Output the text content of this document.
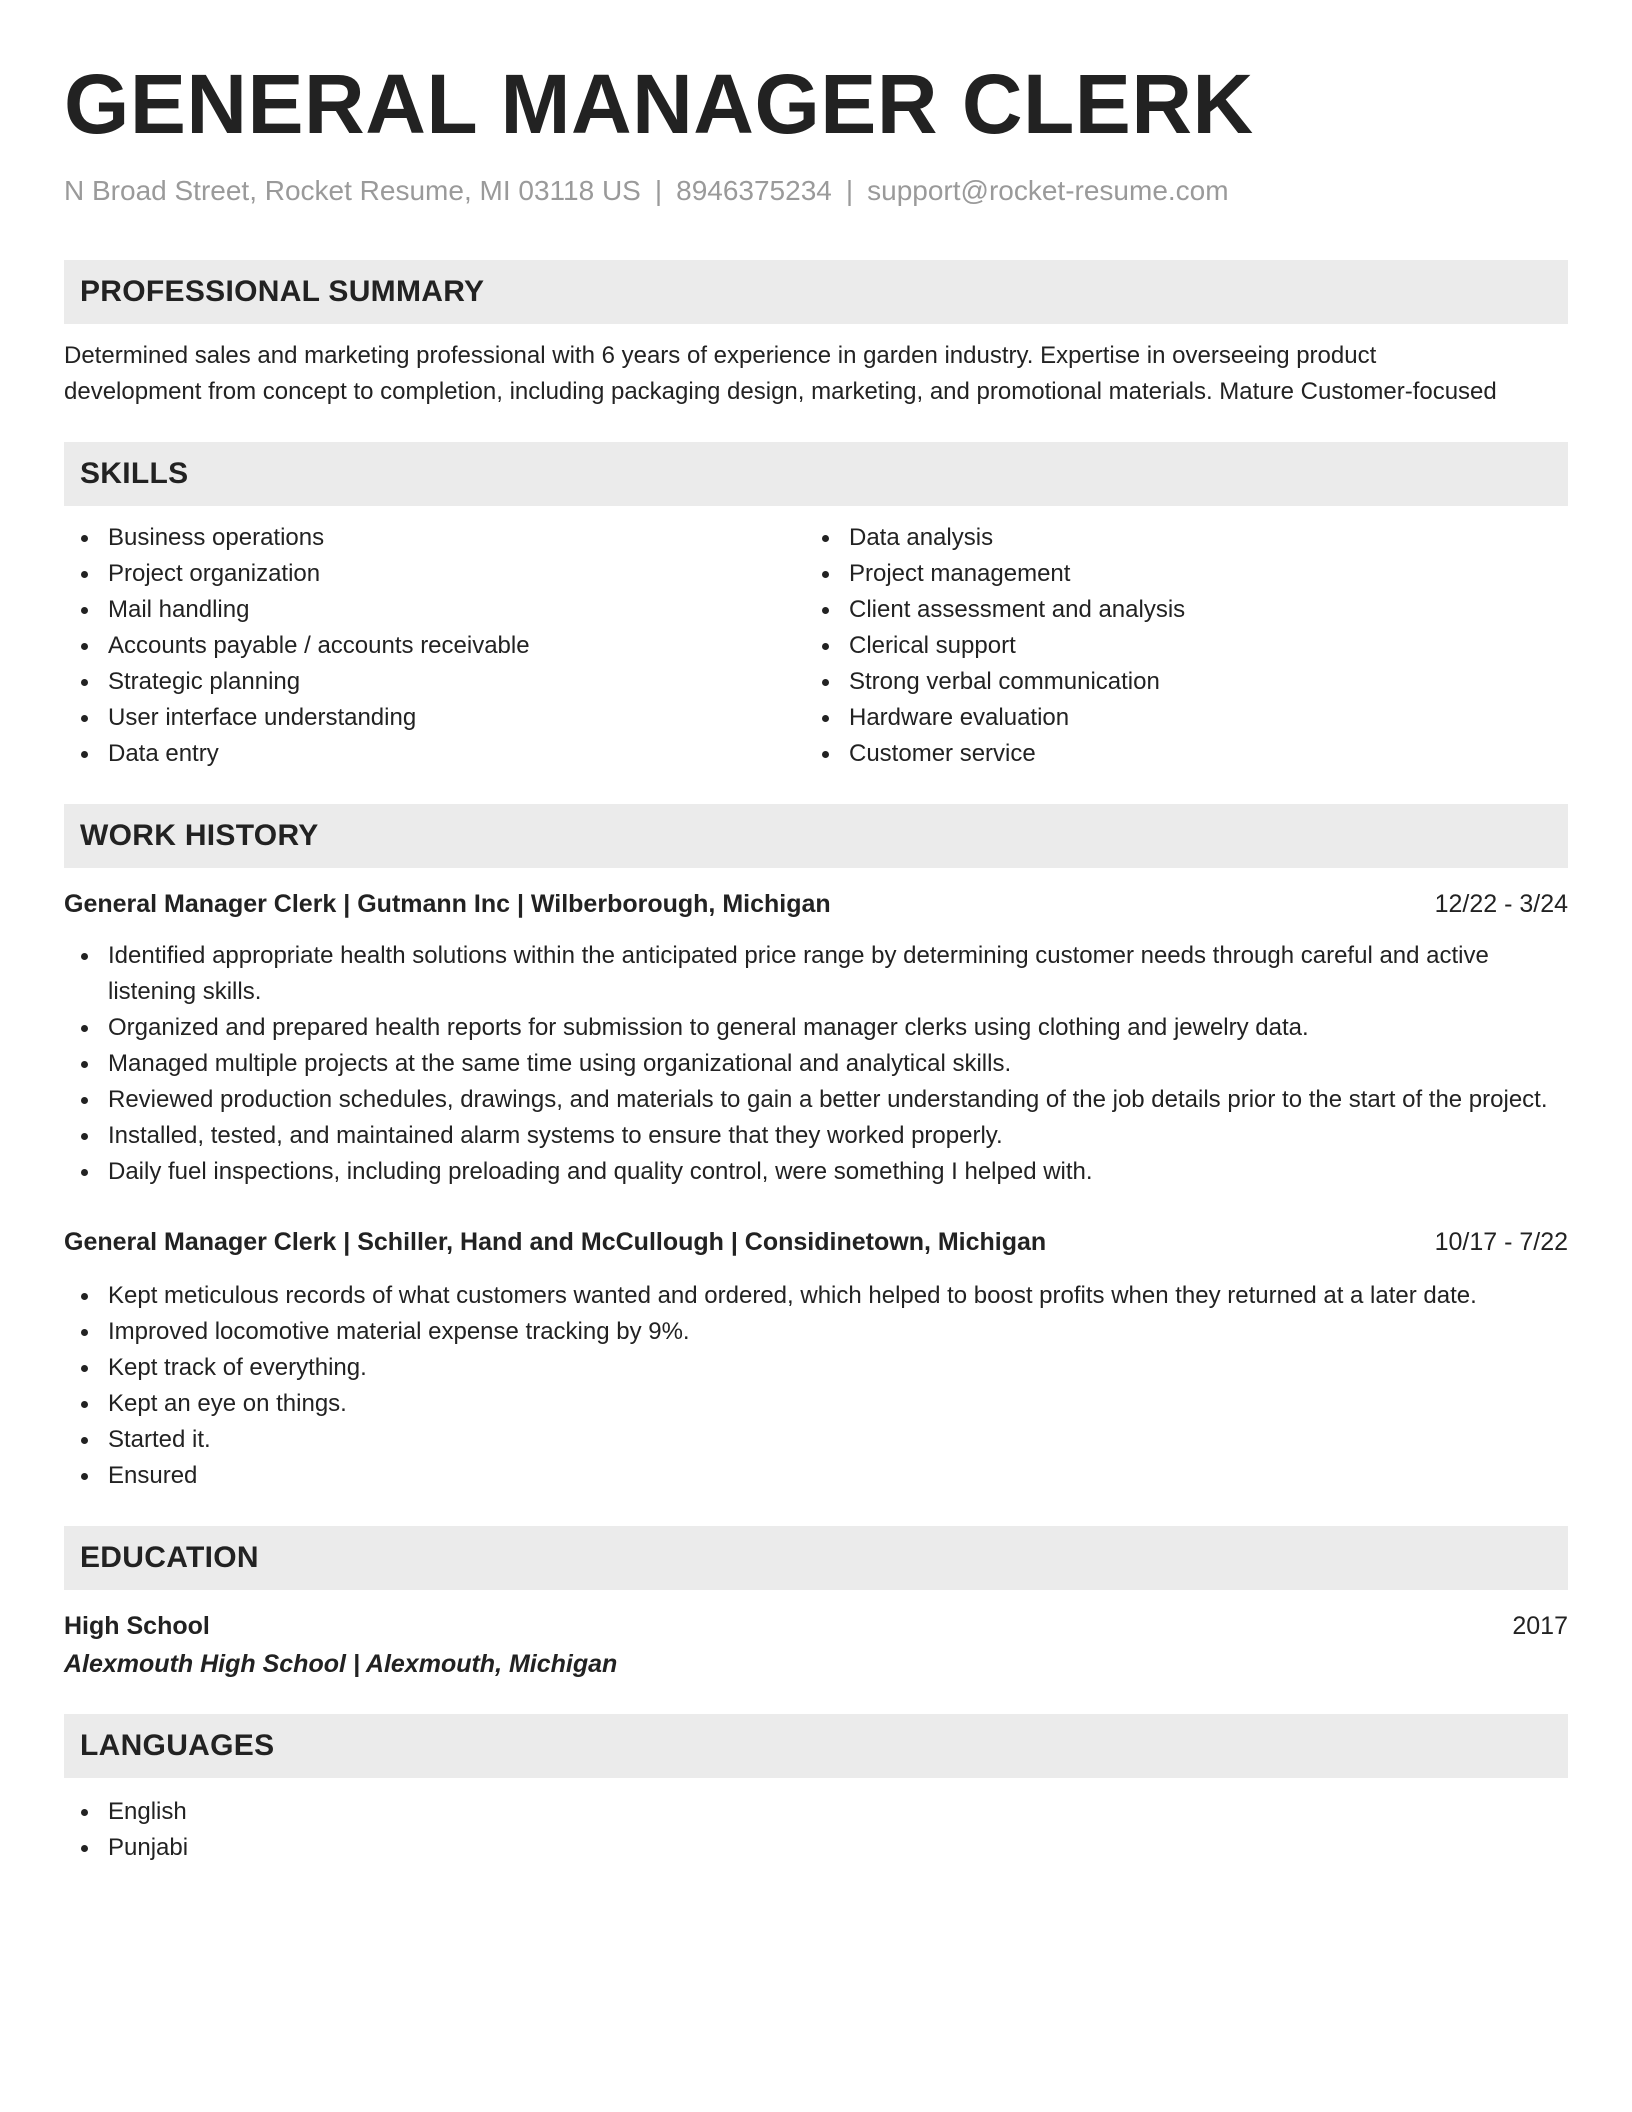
GENERAL MANAGER CLERK
N Broad Street, Rocket Resume, MI 03118 US | 8946375234 | support@rocket-resume.com
PROFESSIONAL SUMMARY
Determined sales and marketing professional with 6 years of experience in garden industry. Expertise in overseeing product
development from concept to completion, including packaging design, marketing, and promotional materials. Mature Customer-focused
SKILLS
Business operations
Project organization
Mail handling
Accounts payable / accounts receivable
Strategic planning
User interface understanding
Data entry
Data analysis
Project management
Client assessment and analysis
Clerical support
Strong verbal communication
Hardware evaluation
Customer service
WORK HISTORY
General Manager Clerk | Gutmann Inc | Wilberborough, Michigan	12/22 - 3/24
Identified appropriate health solutions within the anticipated price range by determining customer needs through careful and active listening skills.
Organized and prepared health reports for submission to general manager clerks using clothing and jewelry data.
Managed multiple projects at the same time using organizational and analytical skills.
Reviewed production schedules, drawings, and materials to gain a better understanding of the job details prior to the start of the project.
Installed, tested, and maintained alarm systems to ensure that they worked properly.
Daily fuel inspections, including preloading and quality control, were something I helped with.
General Manager Clerk | Schiller, Hand and McCullough | Considinetown, Michigan	10/17 - 7/22
Kept meticulous records of what customers wanted and ordered, which helped to boost profits when they returned at a later date.
Improved locomotive material expense tracking by 9%.
Kept track of everything.
Kept an eye on things.
Started it.
Ensured
EDUCATION
High School	2017
Alexmouth High School | Alexmouth, Michigan
LANGUAGES
English
Punjabi
